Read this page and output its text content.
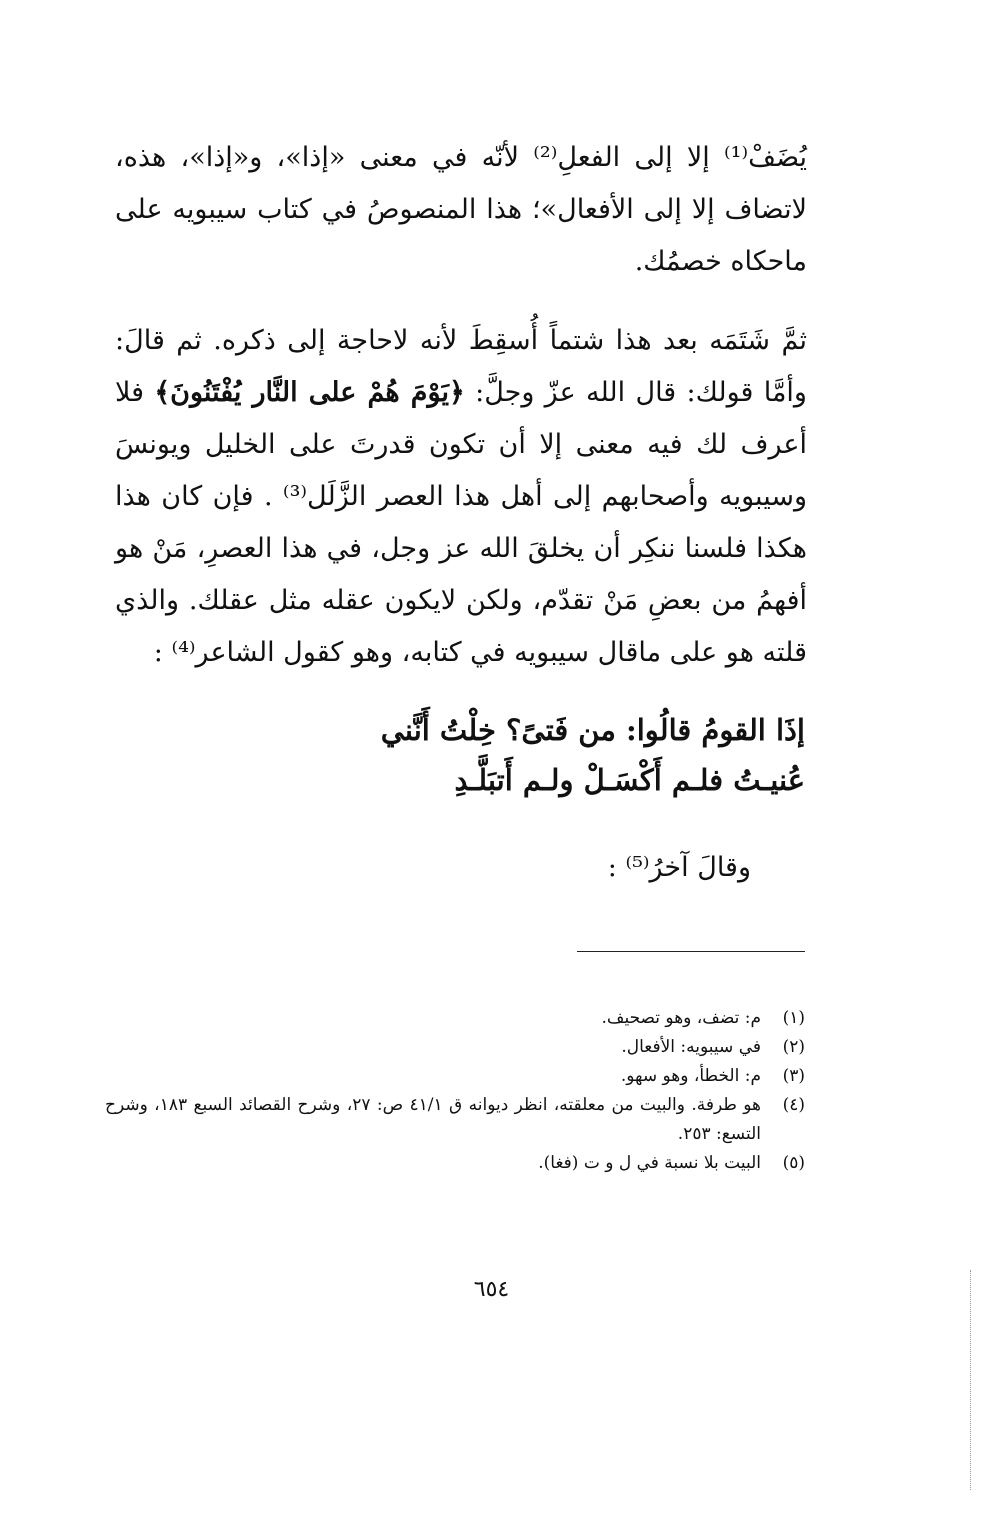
يُضَفْ⁽¹⁾ إلا إلى الفعلِ⁽²⁾ لأنّه في معنى «إذا»، و«إذا»، هذه، لاتضاف إلا إلى الأفعال»؛ هذا المنصوصُ في كتاب سيبويه على ماحكاه خصمُك.

ثمَّ شَتَمَه بعد هذا شتماً أُسقِطَ لأنه لاحاجة إلى ذكره. ثم قالَ: وأمَّا قولك: قال الله عزّ وجلَّ: ﴿يَوْمَ هُمْ على النَّار يُفْتَنُونَ﴾ فلا أعرف لك فيه معنى إلا أن تكون قدرتَ على الخليل ويونسَ وسيبويه وأصحابهم إلى أهل هذا العصر الزَّلَل⁽³⁾ . فإن كان هذا هكذا فلسنا ننكِر أن يخلقَ الله عز وجل، في هذا العصرِ، مَنْ هو أفهمُ من بعضِ مَنْ تقدّم، ولكن لايكون عقله مثل عقلك. والذي قلته هو على ماقال سيبويه في كتابه، وهو كقول الشاعر⁽⁴⁾ :

إذَا القومُ قالُوا: من فَتىً؟ خِلْتُ أَنَّني
عُنيـتُ فلـم أَكْسَـلْ ولـم أَتبَلَّـدِ
وقالَ آخرُ⁽⁵⁾ :
(١)
م: تضف، وهو تصحيف.
(٢)
في سيبويه: الأفعال.
(٣)
م: الخطأ، وهو سهو.
(٤)
هو طرفة. والبيت من معلقته، انظر ديوانه ق ٤١/١ ص: ٢٧، وشرح القصائد السبع ١٨٣، وشرح التسع: ٢٥٣.
(٥)
البيت بلا نسبة في ل و ت (فغا).
٦٥٤
